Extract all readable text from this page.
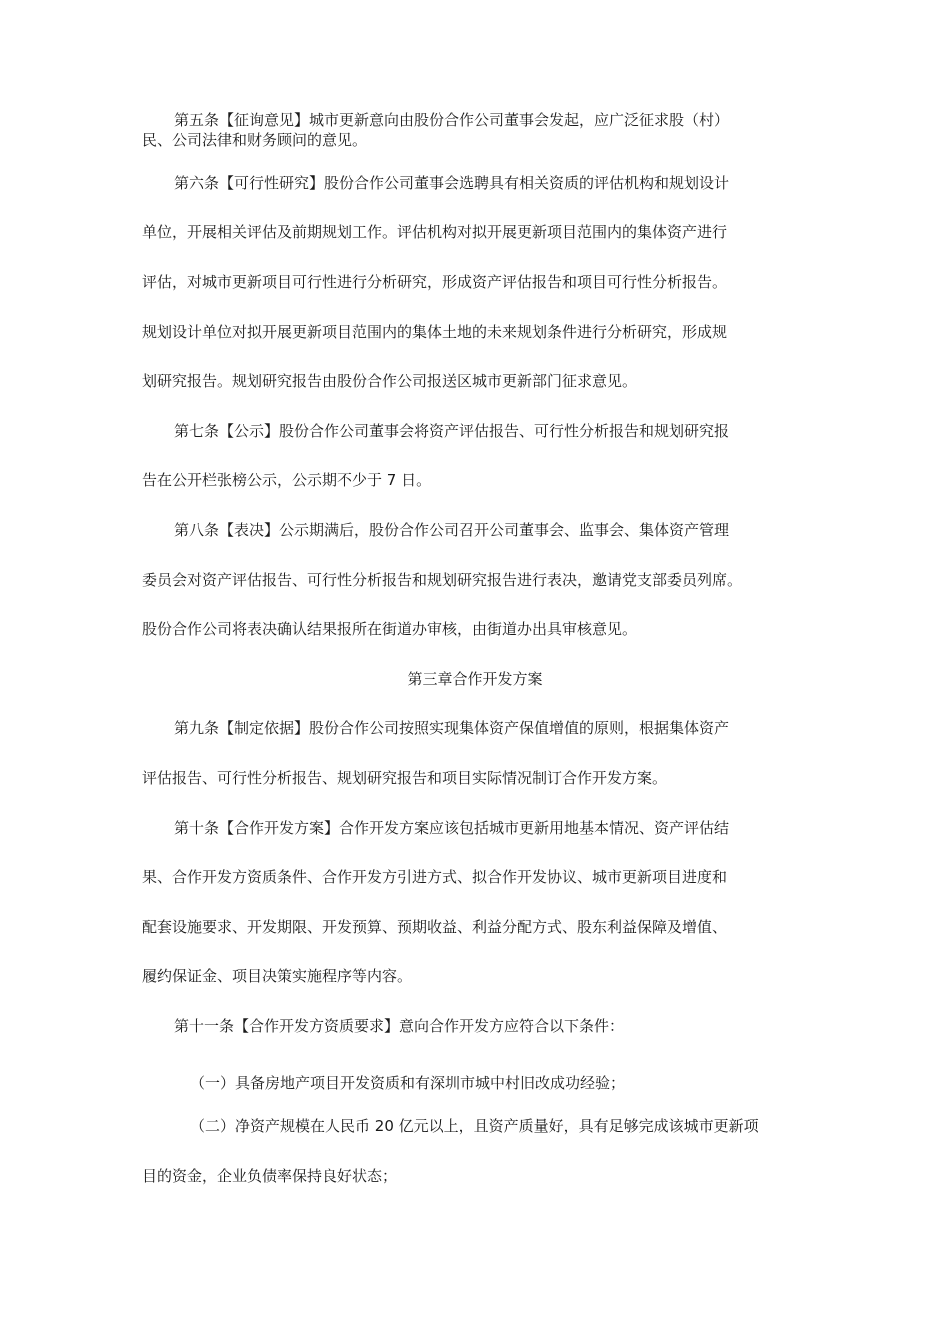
第五条【征询意见】城市更新意向由股份合作公司董事会发起，应广泛征求股（村）
民、公司法律和财务顾问的意见。
第六条【可行性研究】股份合作公司董事会选聘具有相关资质的评估机构和规划设计
单位，开展相关评估及前期规划工作。评估机构对拟开展更新项目范围内的集体资产进行
评估，对城市更新项目可行性进行分析研究，形成资产评估报告和项目可行性分析报告。
规划设计单位对拟开展更新项目范围内的集体土地的未来规划条件进行分析研究，形成规
划研究报告。规划研究报告由股份合作公司报送区城市更新部门征求意见。
第七条【公示】股份合作公司董事会将资产评估报告、可行性分析报告和规划研究报
告在公开栏张榜公示，公示期不少于 7 日。
第八条【表决】公示期满后，股份合作公司召开公司董事会、监事会、集体资产管理
委员会对资产评估报告、可行性分析报告和规划研究报告进行表决，邀请党支部委员列席。
股份合作公司将表决确认结果报所在街道办审核，由街道办出具审核意见。
第三章合作开发方案
第九条【制定依据】股份合作公司按照实现集体资产保值增值的原则，根据集体资产
评估报告、可行性分析报告、规划研究报告和项目实际情况制订合作开发方案。
第十条【合作开发方案】合作开发方案应该包括城市更新用地基本情况、资产评估结
果、合作开发方资质条件、合作开发方引进方式、拟合作开发协议、城市更新项目进度和
配套设施要求、开发期限、开发预算、预期收益、利益分配方式、股东利益保障及增值、
履约保证金、项目决策实施程序等内容。
第十一条【合作开发方资质要求】意向合作开发方应符合以下条件：
（一）具备房地产项目开发资质和有深圳市城中村旧改成功经验；
（二）净资产规模在人民币 20 亿元以上，且资产质量好，具有足够完成该城市更新项
目的资金，企业负债率保持良好状态；
